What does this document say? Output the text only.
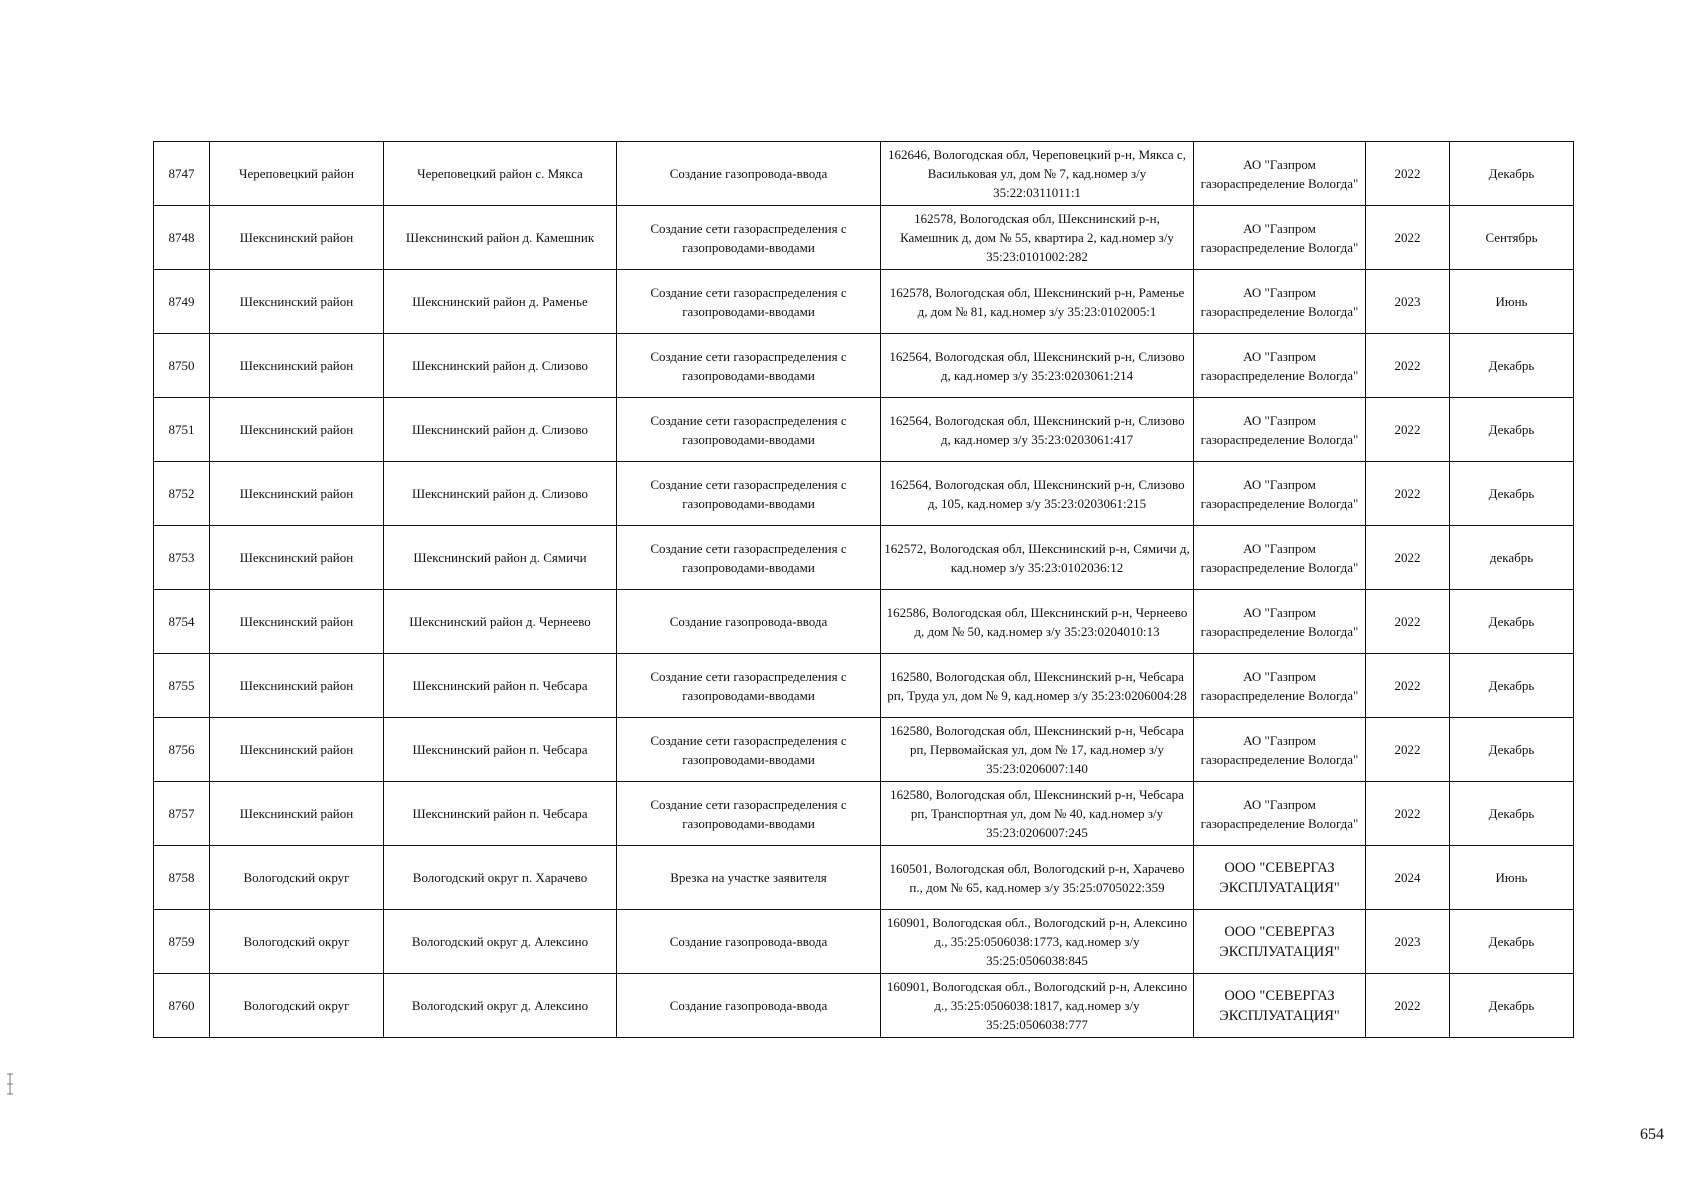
8747	Череповецкий район	Череповецкий район с. Мякса	Создание газопровода-ввода	162646, Вологодская обл, Череповецкий р-н, Мякса с, Васильковая ул, дом № 7, кад.номер з/у 35:22:0311011:1	АО "Газпром газораспределение Вологда"	2022	Декабрь
8748	Шекснинский район	Шекснинский район д. Камешник	Создание сети газораспределения с газопроводами-вводами	162578, Вологодская обл, Шекснинский р-н, Камешник д, дом № 55, квартира 2, кад.номер з/у 35:23:0101002:282	АО "Газпром газораспределение Вологда"	2022	Сентябрь
8749	Шекснинский район	Шекснинский район д. Раменье	Создание сети газораспределения с газопроводами-вводами	162578, Вологодская обл, Шекснинский р-н, Раменье д, дом № 81, кад.номер з/у 35:23:0102005:1	АО "Газпром газораспределение Вологда"	2023	Июнь
8750	Шекснинский район	Шекснинский район д. Слизово	Создание сети газораспределения с газопроводами-вводами	162564, Вологодская обл, Шекснинский р-н, Слизово д, кад.номер з/у 35:23:0203061:214	АО "Газпром газораспределение Вологда"	2022	Декабрь
8751	Шекснинский район	Шекснинский район д. Слизово	Создание сети газораспределения с газопроводами-вводами	162564, Вологодская обл, Шекснинский р-н, Слизово д, кад.номер з/у 35:23:0203061:417	АО "Газпром газораспределение Вологда"	2022	Декабрь
8752	Шекснинский район	Шекснинский район д. Слизово	Создание сети газораспределения с газопроводами-вводами	162564, Вологодская обл, Шекснинский р-н, Слизово д, 105, кад.номер з/у 35:23:0203061:215	АО "Газпром газораспределение Вологда"	2022	Декабрь
8753	Шекснинский район	Шекснинский район д. Сямичи	Создание сети газораспределения с газопроводами-вводами	162572, Вологодская обл, Шекснинский р-н, Сямичи д, кад.номер з/у 35:23:0102036:12	АО "Газпром газораспределение Вологда"	2022	декабрь
8754	Шекснинский район	Шекснинский район д. Чернеево	Создание газопровода-ввода	162586, Вологодская обл, Шекснинский р-н, Чернеево д, дом № 50, кад.номер з/у 35:23:0204010:13	АО "Газпром газораспределение Вологда"	2022	Декабрь
8755	Шекснинский район	Шекснинский район п. Чебсара	Создание сети газораспределения с газопроводами-вводами	162580, Вологодская обл, Шекснинский р-н, Чебсара рп, Труда ул, дом № 9, кад.номер з/у 35:23:0206004:28	АО "Газпром газораспределение Вологда"	2022	Декабрь
8756	Шекснинский район	Шекснинский район п. Чебсара	Создание сети газораспределения с газопроводами-вводами	162580, Вологодская обл, Шекснинский р-н, Чебсара рп, Первомайская ул, дом № 17, кад.номер з/у 35:23:0206007:140	АО "Газпром газораспределение Вологда"	2022	Декабрь
8757	Шекснинский район	Шекснинский район п. Чебсара	Создание сети газораспределения с газопроводами-вводами	162580, Вологодская обл, Шекснинский р-н, Чебсара рп, Транспортная ул, дом № 40, кад.номер з/у 35:23:0206007:245	АО "Газпром газораспределение Вологда"	2022	Декабрь
8758	Вологодский округ	Вологодский округ п. Харачево	Врезка на участке заявителя	160501, Вологодская обл, Вологодский р-н, Харачево п., дом № 65, кад.номер з/у 35:25:0705022:359	ООО "СЕВЕРГАЗ ЭКСПЛУАТАЦИЯ"	2024	Июнь
8759	Вологодский округ	Вологодский округ д. Алексино	Создание газопровода-ввода	160901, Вологодская обл., Вологодский р-н, Алексино д., 35:25:0506038:1773, кад.номер з/у 35:25:0506038:845	ООО "СЕВЕРГАЗ ЭКСПЛУАТАЦИЯ"	2023	Декабрь
8760	Вологодский округ	Вологодский округ д. Алексино	Создание газопровода-ввода	160901, Вологодская обл., Вологодский р-н, Алексино д., 35:25:0506038:1817, кад.номер з/у 35:25:0506038:777	ООО "СЕВЕРГАЗ ЭКСПЛУАТАЦИЯ"	2022	Декабрь
654
